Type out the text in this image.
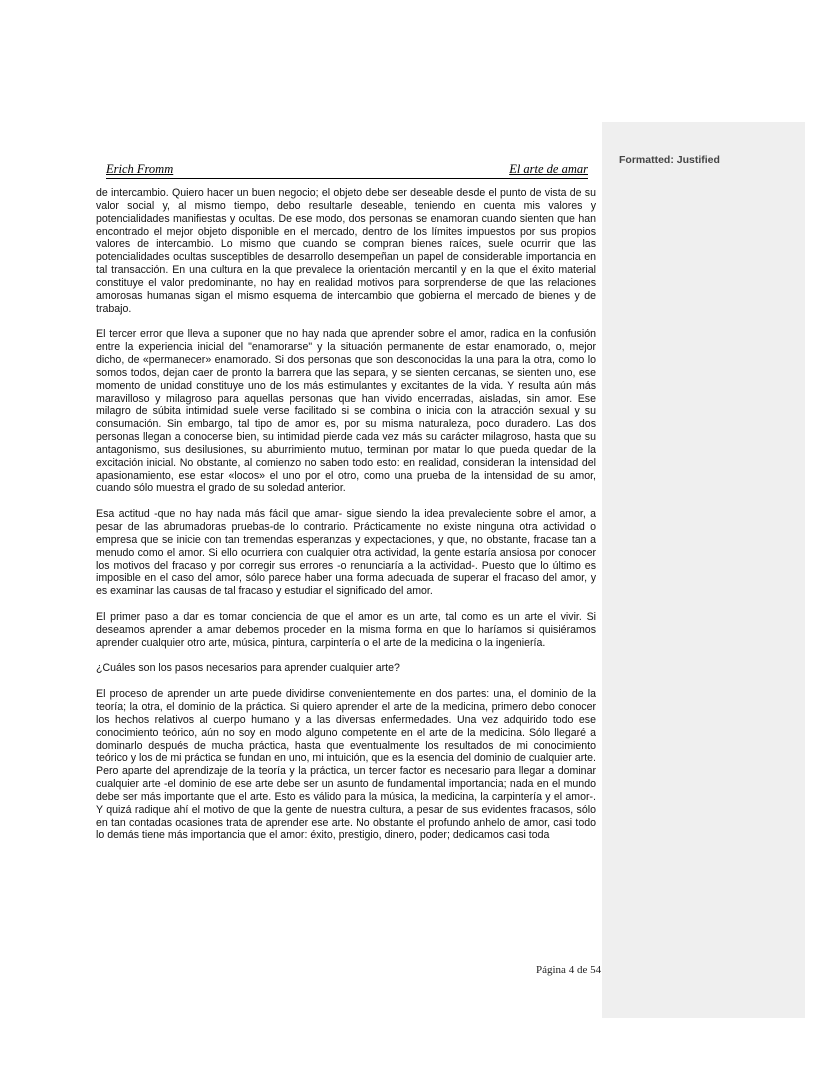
Formatted: Justified
Erich Fromm	El arte de amar

de intercambio. Quiero hacer un buen negocio; el objeto debe ser deseable desde el punto de vista de su valor social y, al mismo tiempo, debo resultarle deseable, teniendo en cuenta mis valores y potencialidades manifiestas y ocultas. De ese modo, dos personas se enamoran cuando sienten que han encontrado el mejor objeto disponible en el mercado, dentro de los límites impuestos por sus propios valores de intercambio. Lo mismo que cuando se compran bienes raíces, suele ocurrir que las potencialidades ocultas susceptibles de desarrollo desempeñan un papel de considerable importancia en tal transacción. En una cultura en la que prevalece la orientación mercantil y en la que el éxito material constituye el valor predominante, no hay en realidad motivos para sorprenderse de que las relaciones amorosas humanas sigan el mismo esquema de intercambio que gobierna el mercado de bienes y de trabajo.

El tercer error que lleva a suponer que no hay nada que aprender sobre el amor, radica en la confusión entre la experiencia inicial del "enamorarse" y la situación permanente de estar enamorado, o, mejor dicho, de «permanecer» enamorado. Si dos personas que son desconocidas la una para la otra, como lo somos todos, dejan caer de pronto la barrera que las separa, y se sienten cercanas, se sienten uno, ese momento de unidad constituye uno de los más estimulantes y excitantes de la vida. Y resulta aún más maravilloso y milagroso para aquellas personas que han vivido encerradas, aisladas, sin amor. Ese milagro de súbita intimidad suele verse facilitado si se combina o inicia con la atracción sexual y su consumación. Sin embargo, tal tipo de amor es, por su misma naturaleza, poco duradero. Las dos personas llegan a conocerse bien, su intimidad pierde cada vez más su carácter milagroso, hasta que su antagonismo, sus desilusiones, su aburrimiento mutuo, terminan por matar lo que pueda quedar de la excitación inicial. No obstante, al comienzo no saben todo esto: en realidad, consideran la intensidad del apasionamiento, ese estar «locos» el uno por el otro, como una prueba de la intensidad de su amor, cuando sólo muestra el grado de su soledad anterior.

Esa actitud -que no hay nada más fácil que amar- sigue siendo la idea prevaleciente sobre el amor, a pesar de las abrumadoras pruebas-de lo contrario. Prácticamente no existe ninguna otra actividad o empresa que se inicie con tan tremendas esperanzas y expectaciones, y que, no obstante, fracase tan a menudo como el amor. Si ello ocurriera con cualquier otra actividad, la gente estaría ansiosa por conocer los motivos del fracaso y por corregir sus errores -o renunciaría a la actividad-. Puesto que lo último es imposible en el caso del amor, sólo parece haber una forma adecuada de superar el fracaso del amor, y es examinar las causas de tal fracaso y estudiar el significado del amor.

El primer paso a dar es tomar conciencia de que el amor es un arte, tal como es un arte el vivir. Si deseamos aprender a amar debemos proceder en la misma forma en que lo haríamos si quisiéramos aprender cualquier otro arte, música, pintura, carpintería o el arte de la medicina o la ingeniería.

¿Cuáles son los pasos necesarios para aprender cualquier arte?

El proceso de aprender un arte puede dividirse convenientemente en dos partes: una, el dominio de la teoría; la otra, el dominio de la práctica. Si quiero aprender el arte de la medicina, primero debo conocer los hechos relativos al cuerpo humano y a las diversas enfermedades. Una vez adquirido todo ese conocimiento teórico, aún no soy en modo alguno competente en el arte de la medicina. Sólo llegaré a dominarlo después de mucha práctica, hasta que eventualmente los resultados de mi conocimiento teórico y los de mi práctica se fundan en uno, mi intuición, que es la esencia del dominio de cualquier arte. Pero aparte del aprendizaje de la teoría y la práctica, un tercer factor es necesario para llegar a dominar cualquier arte -el dominio de ese arte debe ser un asunto de fundamental importancia; nada en el mundo debe ser más importante que el arte. Esto es válido para la música, la medicina, la carpintería y el amor-. Y quizá radique ahí el motivo de que la gente de nuestra cultura, a pesar de sus evidentes fracasos, sólo en tan contadas ocasiones trata de aprender ese arte. No obstante el profundo anhelo de amor, casi todo lo demás tiene más importancia que el amor: éxito, prestigio, dinero, poder; dedicamos casi toda

Página 4 de 54
